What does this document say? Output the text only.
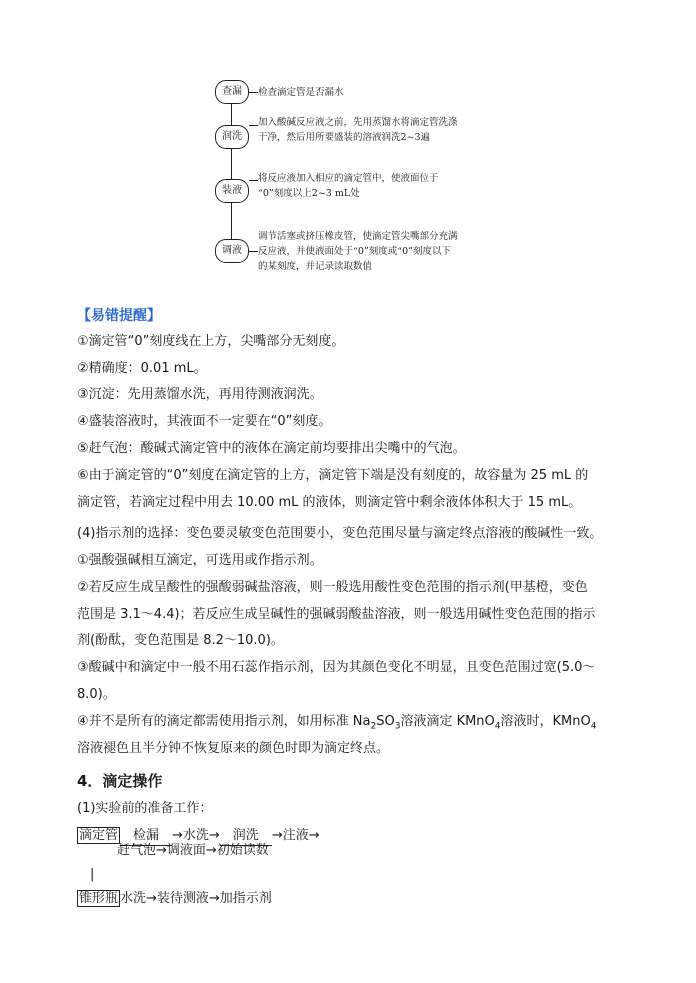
查漏	检查滴定管是否漏水
润洗
加入酸碱反应液之前，先用蒸馏水将滴定管洗涤
干净，然后用所要盛装的溶液润洗2~3遍
装液
将反应液加入相应的滴定管中，使液面位于
“0”刻度以上2~3 mL处
调液
调节活塞或挤压橡皮管，使滴定管尖嘴部分充满
反应液，并使液面处于“0”刻度或“0”刻度以下
的某刻度，并记录读取数值
【易错提醒】
①滴定管“0”刻度线在上方，尖嘴部分无刻度。
②精确度：0.01 mL。
③沉淀：先用蒸馏水洗，再用待测液润洗。
④盛装溶液时，其液面不一定要在“0”刻度。
⑤赶气泡：酸碱式滴定管中的液体在滴定前均要排出尖嘴中的气泡。
⑥由于滴定管的“0”刻度在滴定管的上方，滴定管下端是没有刻度的，故容量为 25 mL 的
滴定管，若滴定过程中用去 10.00 mL 的液体，则滴定管中剩余液体体积大于 15 mL。
(4)指示剂的选择：变色要灵敏变色范围要小，变色范围尽量与滴定终点溶液的酸碱性一致。
①强酸强碱相互滴定，可选用或作指示剂。
②若反应生成呈酸性的强酸弱碱盐溶液，则一般选用酸性变色范围的指示剂(甲基橙，变色
范围是 3.1～4.4)；若反应生成呈碱性的强碱弱酸盐溶液，则一般选用碱性变色范围的指示
剂(酚酞，变色范围是 8.2～10.0)。
③酸碱中和滴定中一般不用石蕊作指示剂，因为其颜色变化不明显，且变色范围过宽(5.0～
8.0)。
④并不是所有的滴定都需使用指示剂，如用标准 $Na_2SO_3$溶液滴定 KMnO$_4$溶液时，KMnO$_4$
溶液褪色且半分钟不恢复原来的颜色时即为滴定终点。
4．滴定操作
(1)实验前的准备工作：
滴定管 检漏 →水洗→ 润洗 →注液→
赶气泡→调液面→初始读数
|
锥形瓶 水洗→装待测液→加指示剂
